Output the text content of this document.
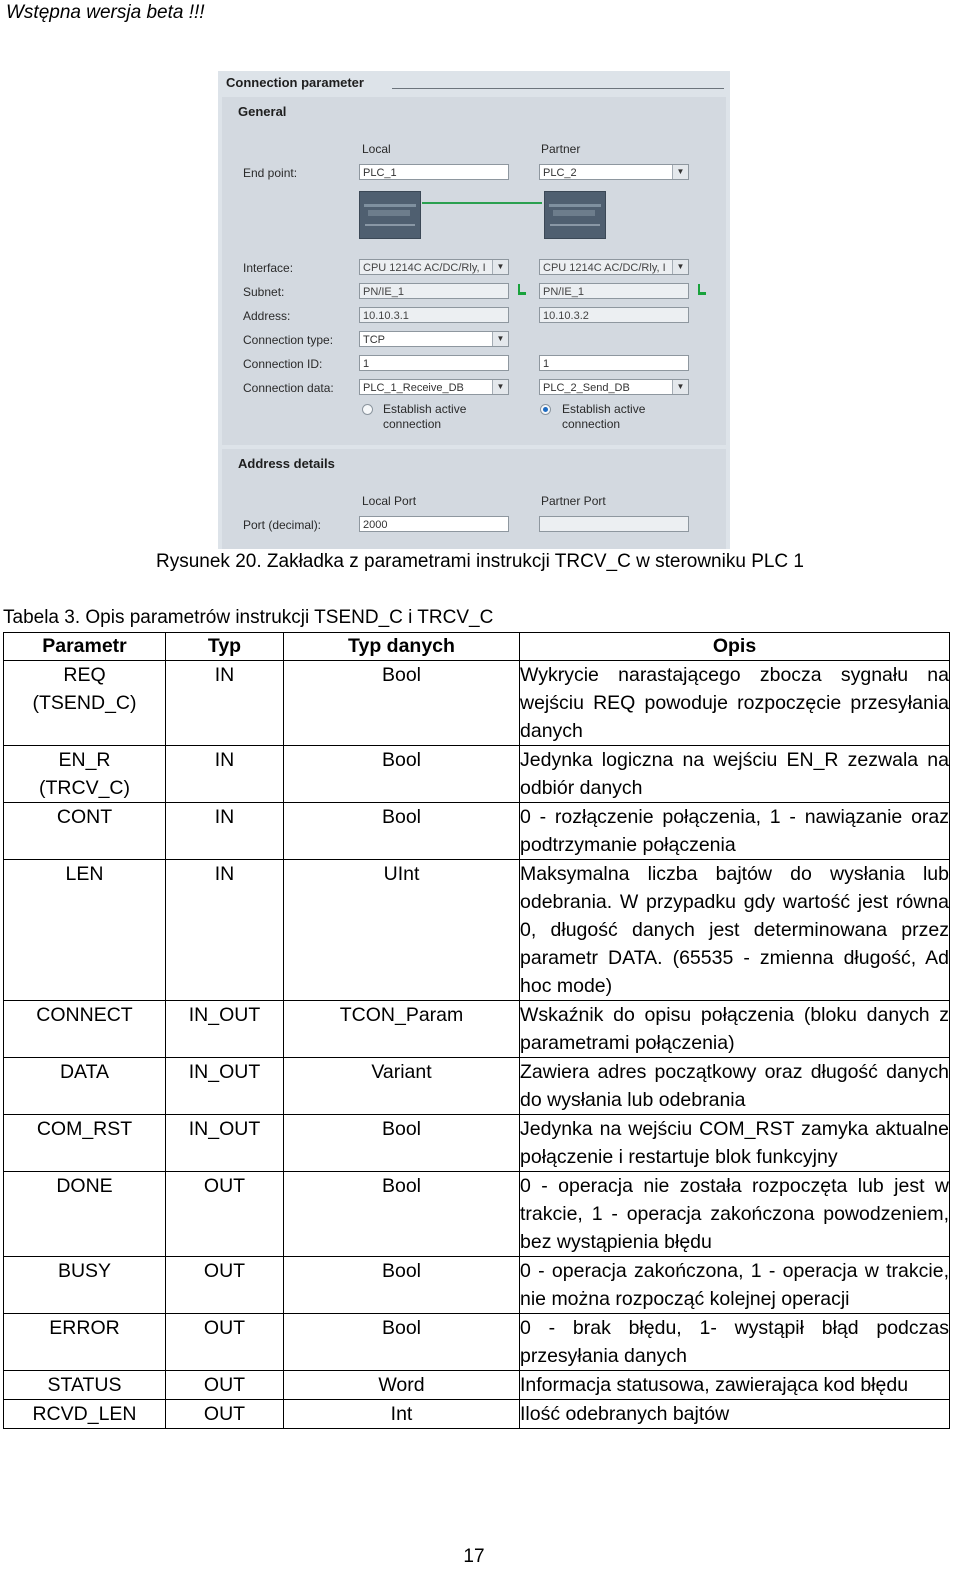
Wstępna wersja beta !!!
Connection parameter
General
Local	Partner
End point:	PLC_1	PLC_2	▼
Interface:	CPU 1214C AC/DC/Rly, I	▼	CPU 1214C AC/DC/Rly, I	▼
Subnet:	PN/IE_1	PN/IE_1
Address:	10.10.3.1	10.10.3.2
Connection type:	TCP	▼
Connection ID:	1	1
Connection data:	PLC_1_Receive_DB	▼	PLC_2_Send_DB	▼
Establish active connection
Establish active connection
Address details
Local Port	Partner Port
Port (decimal):	2000
Rysunek 20. Zakładka z parametrami instrukcji TRCV_C w sterowniku PLC 1
Tabela 3. Opis parametrów instrukcji TSEND_C i TRCV_C
Parametr	Typ	Typ danych	Opis
REQ
(TSEND_C)	IN	Bool	Wykrycie narastającego zbocza sygnału na wejściu REQ powoduje rozpoczęcie przesyłania danych
EN_R
(TRCV_C)	IN	Bool	Jedynka logiczna na wejściu EN_R zezwala na odbiór danych
CONT	IN	Bool	0 - rozłączenie połączenia, 1 - nawiązanie oraz podtrzymanie połączenia
LEN	IN	UInt	Maksymalna liczba bajtów do wysłania lub odebrania. W przypadku gdy wartość jest równa 0, długość danych jest determinowana przez parametr DATA. (65535 - zmienna długość, Ad hoc mode)
CONNECT	IN_OUT	TCON_Param	Wskaźnik do opisu połączenia (bloku danych z parametrami połączenia)
DATA	IN_OUT	Variant	Zawiera adres początkowy oraz długość danych do wysłania lub odebrania
COM_RST	IN_OUT	Bool	Jedynka na wejściu COM_RST zamyka aktualne połączenie i restartuje blok funkcyjny
DONE	OUT	Bool	0 - operacja nie została rozpoczęta lub jest w trakcie, 1 - operacja zakończona powodzeniem, bez wystąpienia błędu
BUSY	OUT	Bool	0 - operacja zakończona, 1 - operacja w trakcie, nie można rozpocząć kolejnej operacji
ERROR	OUT	Bool	0 - brak błędu, 1- wystąpił błąd podczas przesyłania danych
STATUS	OUT	Word	Informacja statusowa, zawierająca kod błędu
RCVD_LEN	OUT	Int	Ilość odebranych bajtów
17
